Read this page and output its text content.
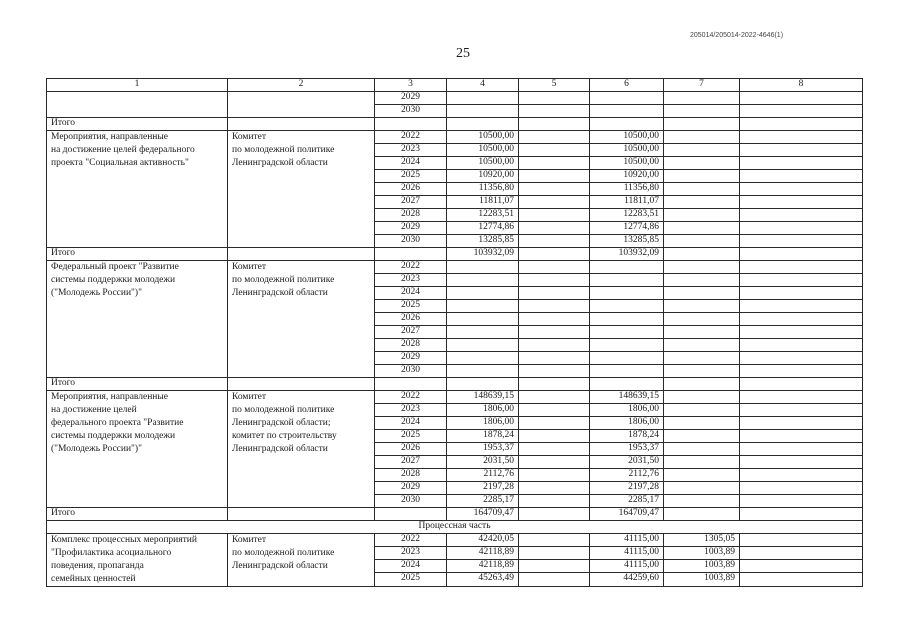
205014/205014-2022-4646(1)
25
1	2	3	4	5	6	7	8
		2029					
		2030					
Итого							
Мероприятия, направленные
на достижение целей федерального
проекта "Социальная активность"	Комитет
по молодежной политике
Ленинградской области	2022	10500,00		10500,00		
		2023	10500,00		10500,00		
		2024	10500,00		10500,00		
		2025	10920,00		10920,00		
		2026	11356,80		11356,80		
		2027	11811,07		11811,07		
		2028	12283,51		12283,51		
		2029	12774,86		12774,86		
		2030	13285,85		13285,85		
Итого			103932,09		103932,09		
Федеральный проект "Развитие
системы поддержки молодежи
("Молодежь России")"	Комитет
по молодежной политике
Ленинградской области	2022					
		2023					
		2024					
		2025					
		2026					
		2027					
		2028					
		2029					
		2030					
Итого							
Мероприятия, направленные
на достижение целей
федерального проекта "Развитие
системы поддержки молодежи
("Молодежь России")"	Комитет
по молодежной политике
Ленинградской области;
комитет по строительству
Ленинградской области	2022	148639,15		148639,15		
		2023	1806,00		1806,00		
		2024	1806,00		1806,00		
		2025	1878,24		1878,24		
		2026	1953,37		1953,37		
		2027	2031,50		2031,50		
		2028	2112,76		2112,76		
		2029	2197,28		2197,28		
		2030	2285,17		2285,17		
Итого			164709,47		164709,47		
Процессная часть							
Комплекс процессных мероприятий
"Профилактика асоциального
поведения, пропаганда
семейных ценностей	Комитет
по молодежной политике
Ленинградской области	2022	42420,05		41115,00	1305,05	
		2023	42118,89		41115,00	1003,89	
		2024	42118,89		41115,00	1003,89	
		2025	45263,49		44259,60	1003,89	
